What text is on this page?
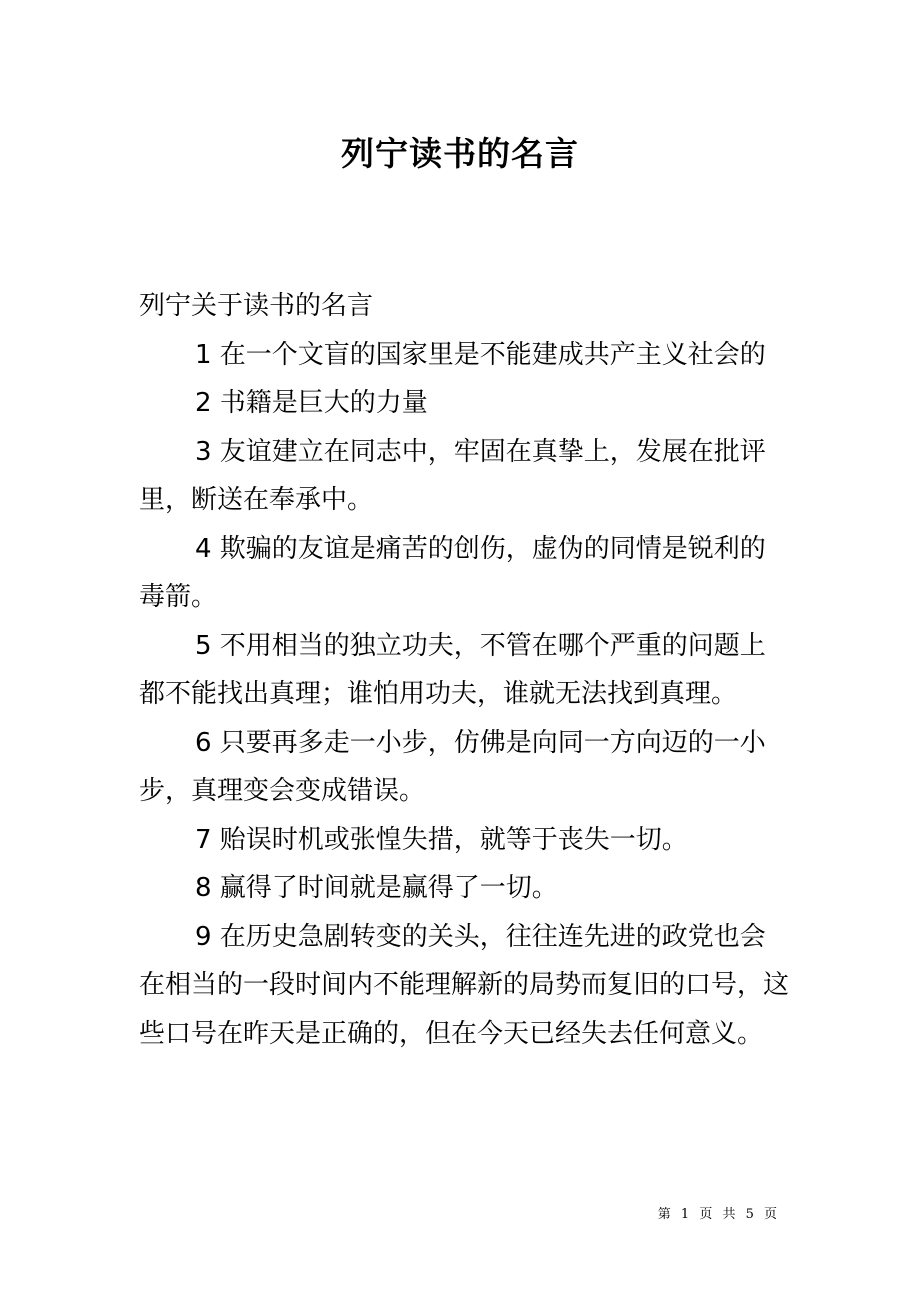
列宁读书的名言

列宁关于读书的名言

1 在一个文盲的国家里是不能建成共产主义社会的

2 书籍是巨大的力量

3 友谊建立在同志中，牢固在真挚上，发展在批评里，断送在奉承中。

4 欺骗的友谊是痛苦的创伤，虚伪的同情是锐利的毒箭。

5 不用相当的独立功夫，不管在哪个严重的问题上都不能找出真理；谁怕用功夫，谁就无法找到真理。

6 只要再多走一小步，仿佛是向同一方向迈的一小步，真理变会变成错误。

7 贻误时机或张惶失措，就等于丧失一切。

8 赢得了时间就是赢得了一切。

9 在历史急剧转变的关头，往往连先进的政党也会在相当的一段时间内不能理解新的局势而复旧的口号，这些口号在昨天是正确的，但在今天已经失去任何意义。

第 1 页 共 5 页
